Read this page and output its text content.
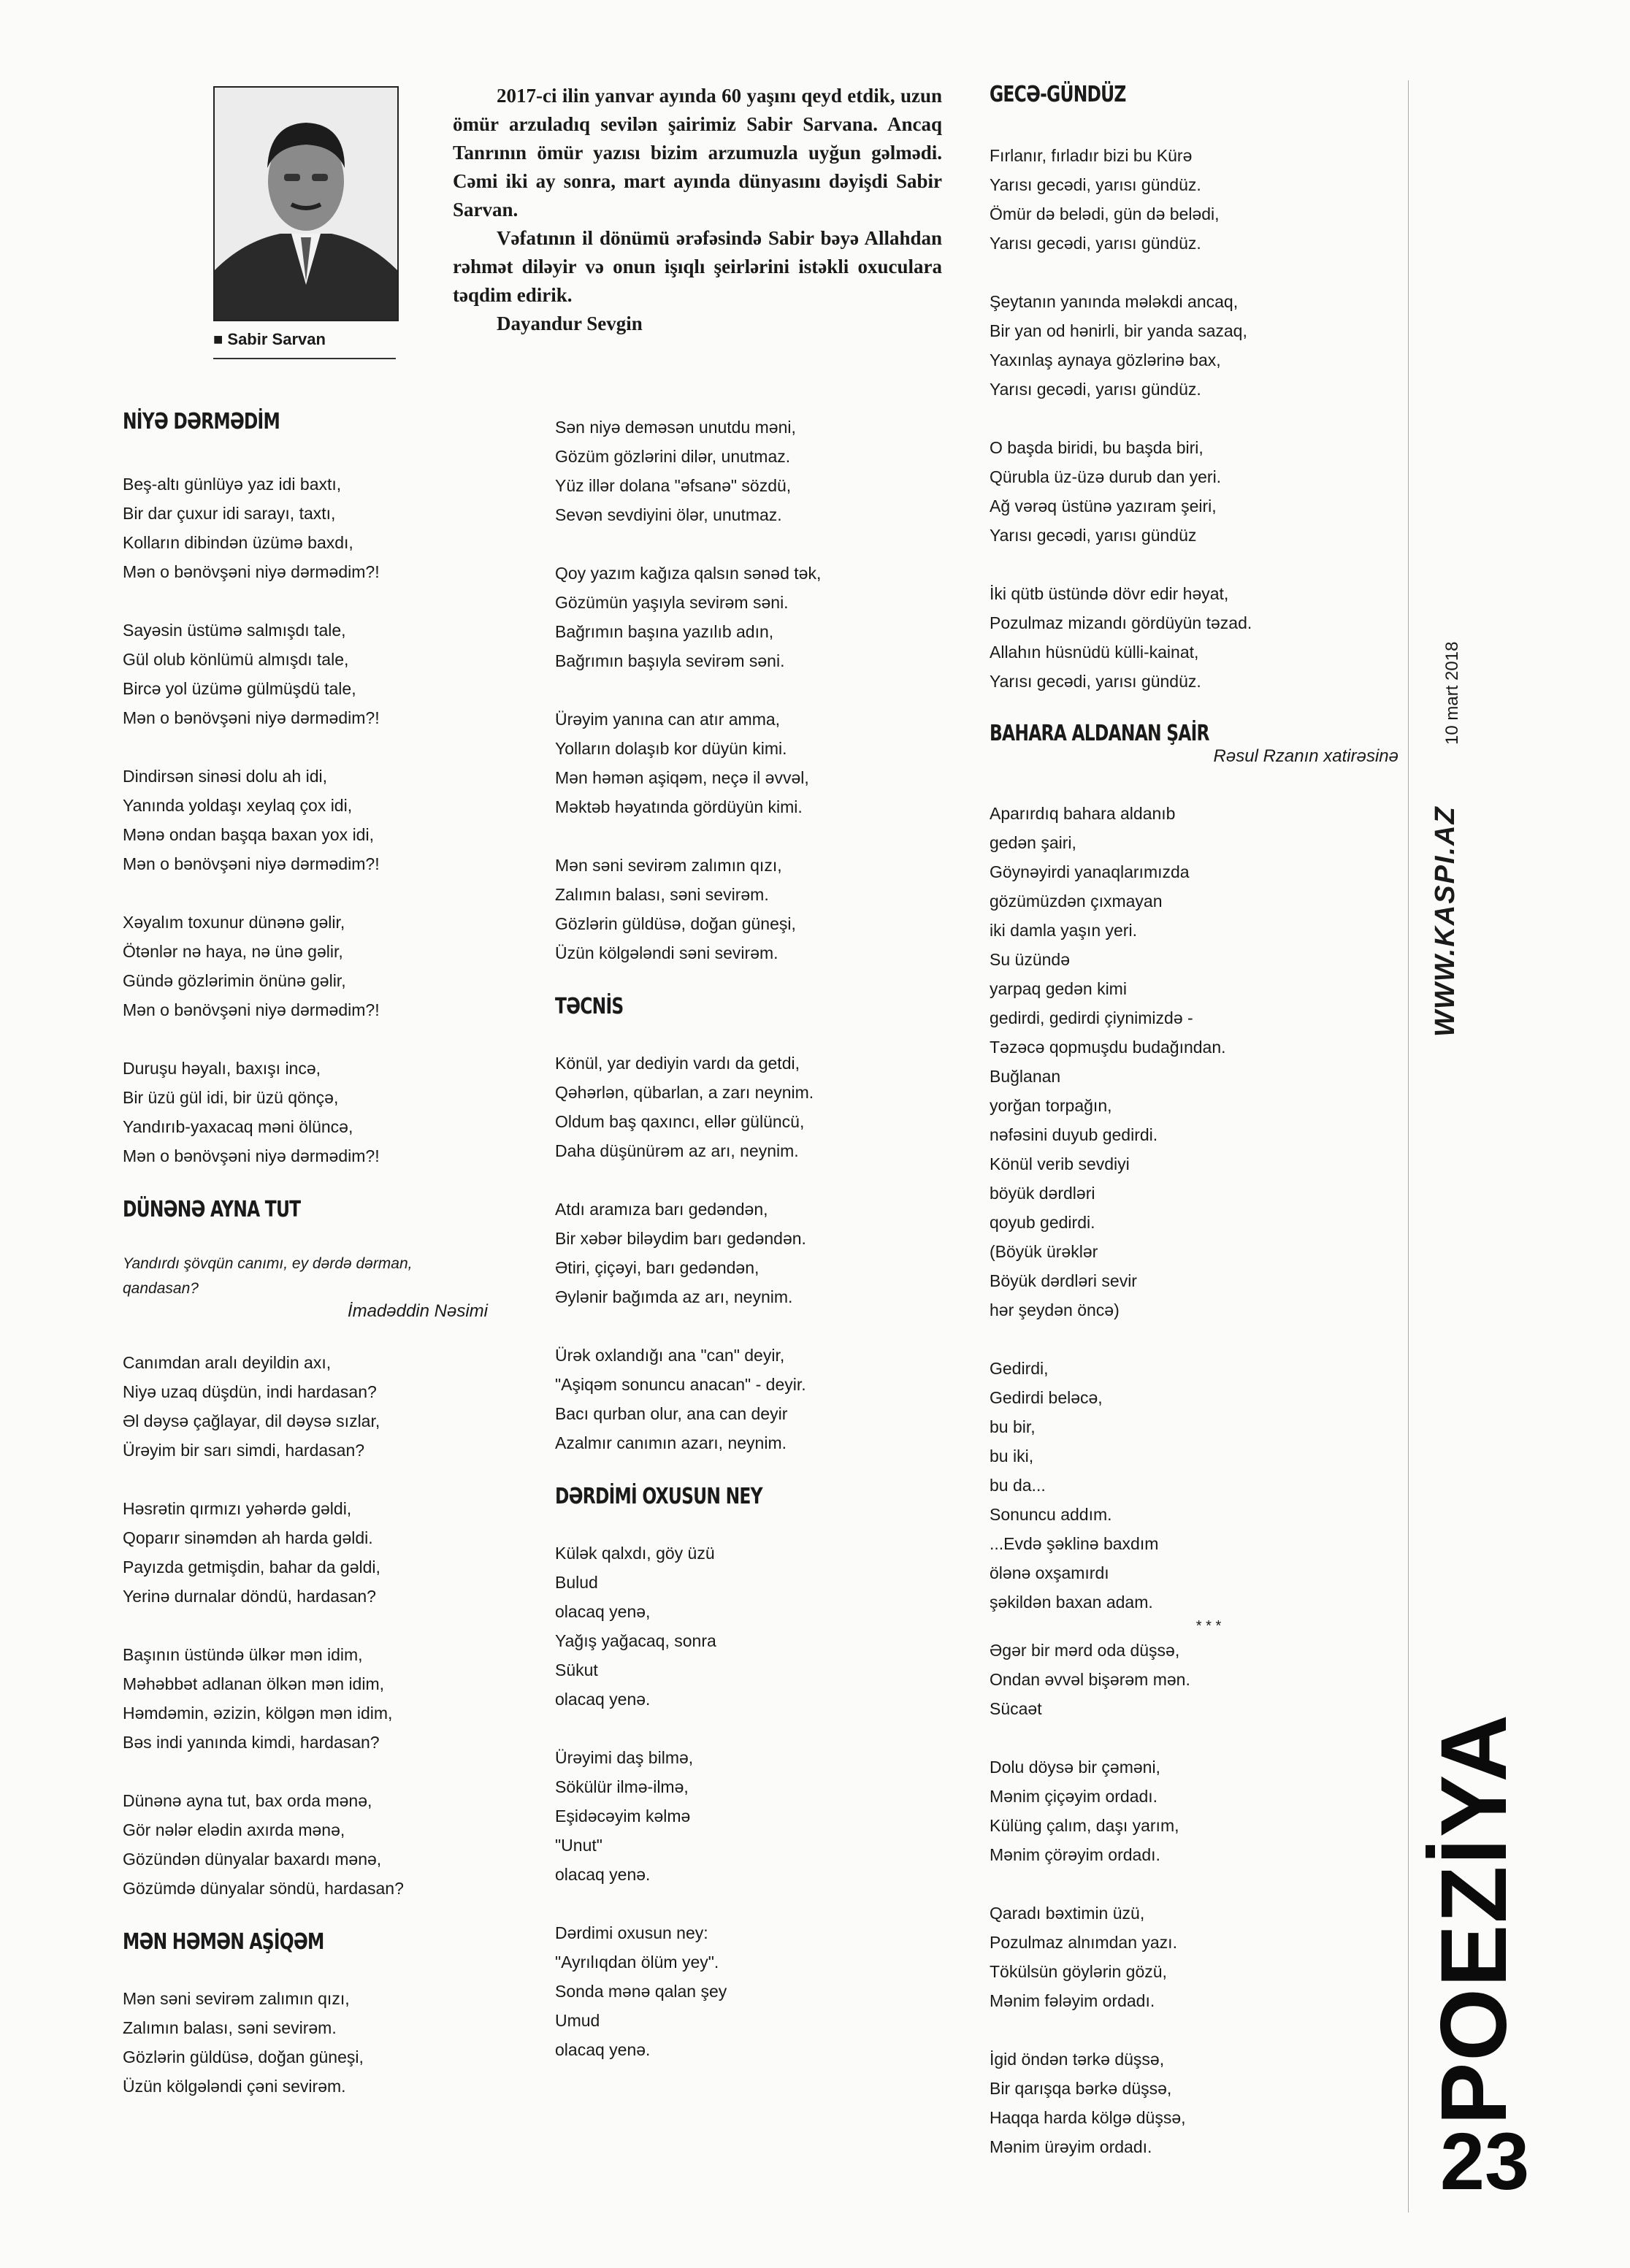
■ Sabir Sarvan

2017-ci ilin yanvar ayında 60 yaşını qeyd etdik, uzun ömür arzuladıq sevilən şairimiz Sabir Sarvana. Ancaq Tanrının ömür yazısı bizim arzumuzla uyğun gəlmədi. Cəmi iki ay sonra, mart ayında dünyasını dəyişdi Sabir Sarvan.

Vəfatının il dönümü ərəfəsində Sabir bəyə Allahdan rəhmət diləyir və onun işıqlı şeirlərini istəkli oxuculara təqdim edirik.

Dayandur Sevgin

NİYƏ DƏRMƏDİM
Beş-altı günlüyə yaz idi baxtı,
Bir dar çuxur idi sarayı, taxtı,
Kolların dibindən üzümə baxdı,
Mən o bənövşəni niyə dərmədim?!
Sayəsin üstümə salmışdı tale,
Gül olub könlümü almışdı tale,
Bircə yol üzümə gülmüşdü tale,
Mən o bənövşəni niyə dərmədim?!
Dindirsən sinəsi dolu ah idi,
Yanında yoldaşı xeylaq çox idi,
Mənə ondan başqa baxan yox idi,
Mən o bənövşəni niyə dərmədim?!
Xəyalım toxunur dünənə gəlir,
Ötənlər nə haya, nə ünə gəlir,
Gündə gözlərimin önünə gəlir,
Mən o bənövşəni niyə dərmədim?!
Duruşu həyalı, baxışı incə,
Bir üzü gül idi, bir üzü qönçə,
Yandırıb-yaxacaq məni ölüncə,
Mən o bənövşəni niyə dərmədim?!
DÜNƏNƏ AYNA TUT
Yandırdı şövqün canımı, ey dərdə dərman, qandasan?
İmadəddin Nəsimi
Canımdan aralı deyildin axı,
Niyə uzaq düşdün, indi hardasan?
Əl dəysə çağlayar, dil dəysə sızlar,
Ürəyim bir sarı simdi, hardasan?
Həsrətin qırmızı yəhərdə gəldi,
Qoparır sinəmdən ah harda gəldi.
Payızda getmişdin, bahar da gəldi,
Yerinə durnalar döndü, hardasan?
Başının üstündə ülkər mən idim,
Məhəbbət adlanan ölkən mən idim,
Həmdəmin, əzizin, kölgən mən idim,
Bəs indi yanında kimdi, hardasan?
Dünənə ayna tut, bax orda mənə,
Gör nələr elədin axırda mənə,
Gözündən dünyalar baxardı mənə,
Gözümdə dünyalar söndü, hardasan?
MƏN HƏMƏN AŞİQƏM
Mən səni sevirəm zalımın qızı,
Zalımın balası, səni sevirəm.
Gözlərin güldüsə, doğan güneşi,
Üzün kölgələndi çəni sevirəm.
Sən niyə deməsən unutdu məni,
Gözüm gözlərini dilər, unutmaz.
Yüz illər dolana "əfsanə" sözdü,
Sevən sevdiyini ölər, unutmaz.
Qoy yazım kağıza qalsın sənəd tək,
Gözümün yaşıyla sevirəm səni.
Bağrımın başına yazılıb adın,
Bağrımın başıyla sevirəm səni.
Ürəyim yanına can atır amma,
Yolların dolaşıb kor düyün kimi.
Mən həmən aşiqəm, neçə il əvvəl,
Məktəb həyatında gördüyün kimi.
Mən səni sevirəm zalımın qızı,
Zalımın balası, səni sevirəm.
Gözlərin güldüsə, doğan güneşi,
Üzün kölgələndi səni sevirəm.
TƏCNİS
Könül, yar dediyin vardı da getdi,
Qəhərlən, qübarlan, a zarı neynim.
Oldum baş qaxıncı, ellər gülüncü,
Daha düşünürəm az arı, neynim.
Atdı aramıza barı gedəndən,
Bir xəbər biləydim barı gedəndən.
Ətiri, çiçəyi, barı gedəndən,
Əylənir bağımda az arı, neynim.
Ürək oxlandığı ana "can" deyir,
"Aşiqəm sonuncu anacan" - deyir.
Bacı qurban olur, ana can deyir
Azalmır canımın azarı, neynim.
DƏRDİMİ OXUSUN NEY
Külək qalxdı, göy üzü
Bulud
olacaq yenə,
Yağış yağacaq, sonra
Sükut
olacaq yenə.
Ürəyimi daş bilmə,
Sökülür ilmə-ilmə,
Eşidəcəyim kəlmə
"Unut"
olacaq yenə.
Dərdimi oxusun ney:
"Ayrılıqdan ölüm yey".
Sonda mənə qalan şey
Umud
olacaq yenə.
GECƏ-GÜNDÜZ
Fırlanır, fırladır bizi bu Kürə
Yarısı gecədi, yarısı gündüz.
Ömür də belədi, gün də belədi,
Yarısı gecədi, yarısı gündüz.
Şeytanın yanında mələkdi ancaq,
Bir yan od hənirli, bir yanda sazaq,
Yaxınlaş aynaya gözlərinə bax,
Yarısı gecədi, yarısı gündüz.
O başda biridi, bu başda biri,
Qürubla üz-üzə durub dan yeri.
Ağ vərəq üstünə yazıram şeiri,
Yarısı gecədi, yarısı gündüz
İki qütb üstündə dövr edir həyat,
Pozulmaz mizandı gördüyün təzad.
Allahın hüsnüdü külli-kainat,
Yarısı gecədi, yarısı gündüz.
BAHARA ALDANAN ŞAİR
Rəsul Rzanın xatirəsinə
Aparırdıq bahara aldanıb
gedən şairi,
Göynəyirdi yanaqlarımızda
gözümüzdən çıxmayan
iki damla yaşın yeri.
Su üzündə
yarpaq gedən kimi
gedirdi, gedirdi çiynimizdə -
Təzəcə qopmuşdu budağından.
Buğlanan
yorğan torpağın,
nəfəsini duyub gedirdi.
Könül verib sevdiyi
böyük dərdləri
qoyub gedirdi.
(Böyük ürəklər
Böyük dərdləri sevir
hər şeydən öncə)
Gedirdi,
Gedirdi beləcə,
bu bir,
bu iki,
bu da...
Sonuncu addım.
...Evdə şəklinə baxdım
ölənə oxşamırdı
şəkildən baxan adam.
* * *
Əgər bir mərd oda düşsə,
Ondan əvvəl bişərəm mən.
Sücaət
Dolu döysə bir çəməni,
Mənim çiçəyim ordadı.
Külüng çalım, daşı yarım,
Mənim çörəyim ordadı.
Qaradı bəxtimin üzü,
Pozulmaz alnımdan yazı.
Tökülsün göylərin gözü,
Mənim fələyim ordadı.
İgid öndən tərkə düşsə,
Bir qarışqa bərkə düşsə,
Haqqa harda kölgə düşsə,
Mənim ürəyim ordadı.
10 mart 2018
WWW.KASPI.AZ
POEZİYA
23
